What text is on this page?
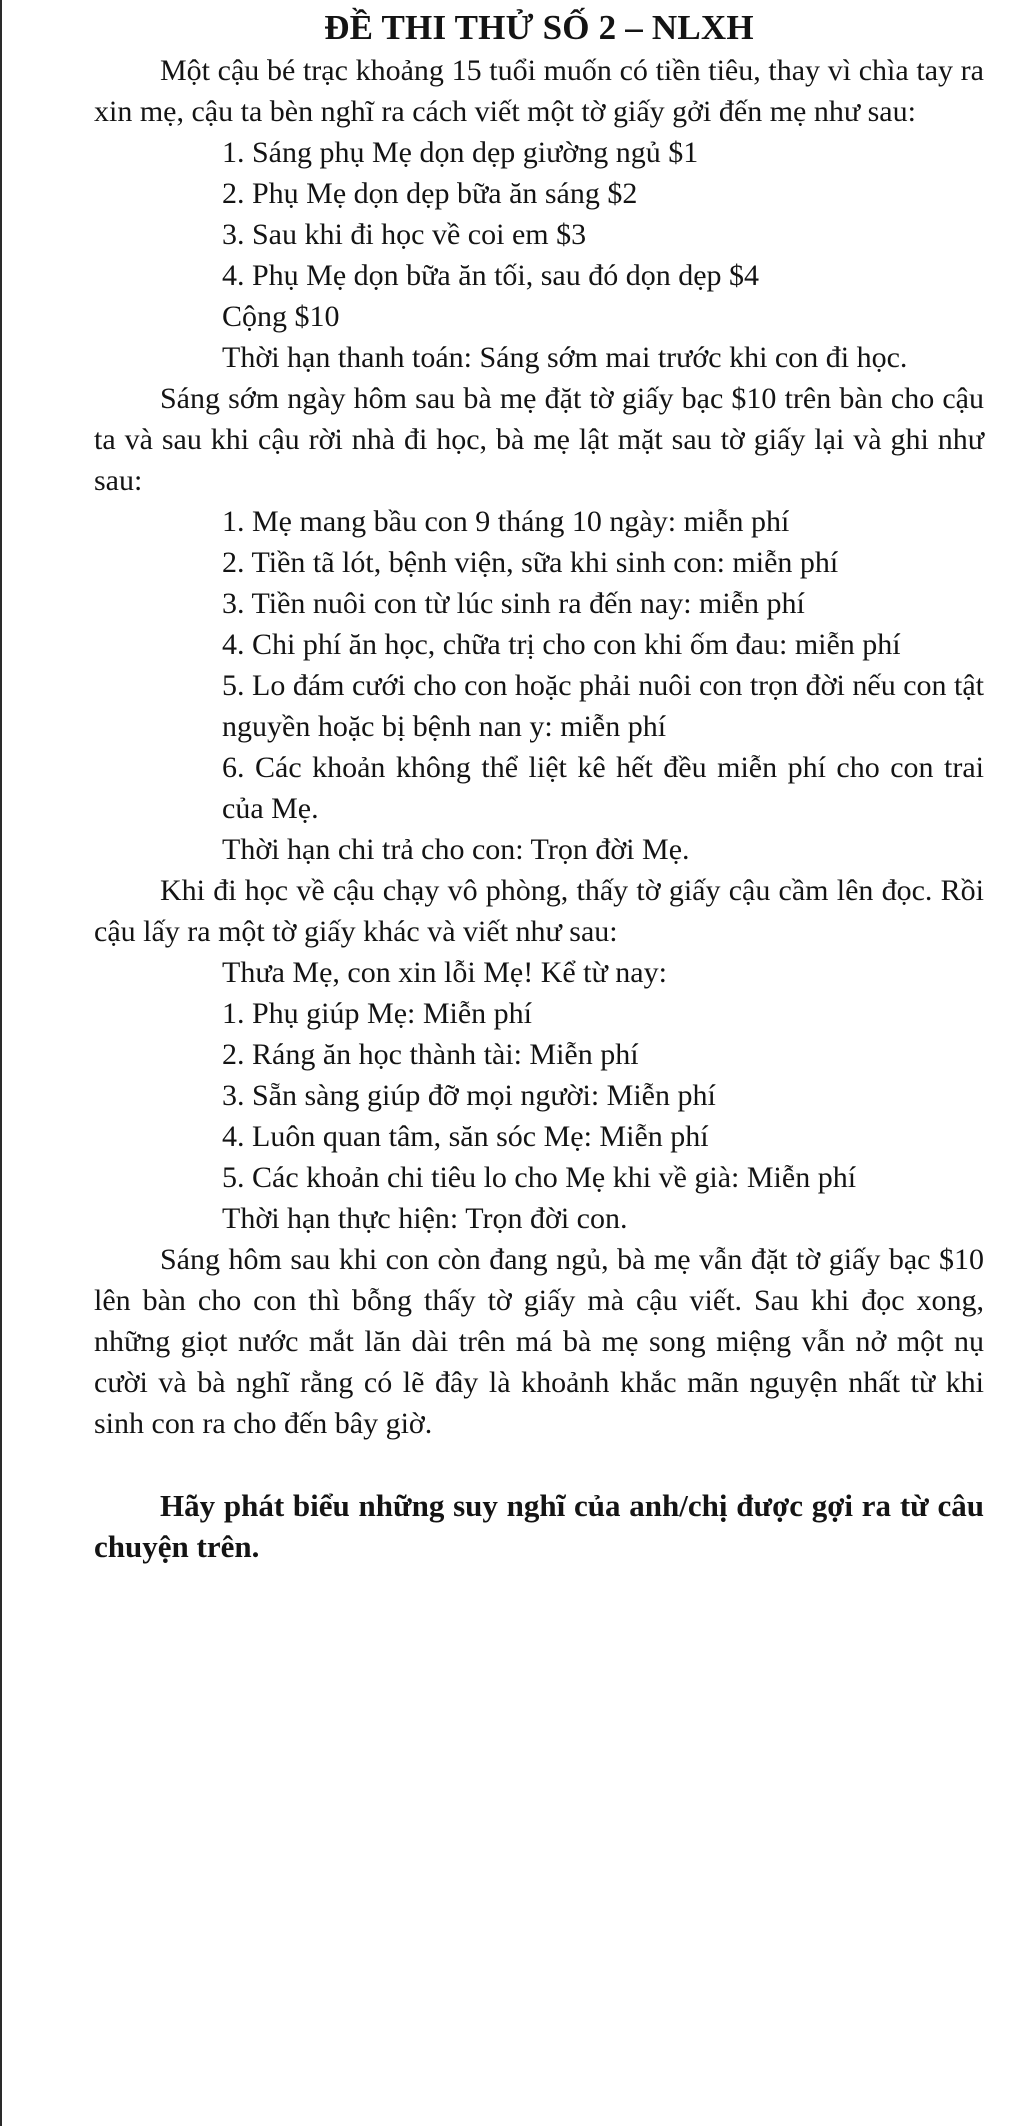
ĐỀ THI THỬ SỐ 2 – NLXH

Một cậu bé trạc khoảng 15 tuổi muốn có tiền tiêu, thay vì chìa tay ra xin mẹ, cậu ta bèn nghĩ ra cách viết một tờ giấy gởi đến mẹ như sau:

1. Sáng phụ Mẹ dọn dẹp giường ngủ $1
2. Phụ Mẹ dọn dẹp bữa ăn sáng $2
3. Sau khi đi học về coi em $3
4. Phụ Mẹ dọn bữa ăn tối, sau đó dọn dẹp $4
Cộng $10
Thời hạn thanh toán: Sáng sớm mai trước khi con đi học.

Sáng sớm ngày hôm sau bà mẹ đặt tờ giấy bạc $10 trên bàn cho cậu ta và sau khi cậu rời nhà đi học, bà mẹ lật mặt sau tờ giấy lại và ghi như sau:

1. Mẹ mang bầu con 9 tháng 10 ngày: miễn phí
2. Tiền tã lót, bệnh viện, sữa khi sinh con: miễn phí
3. Tiền nuôi con từ lúc sinh ra đến nay: miễn phí
4. Chi phí ăn học, chữa trị cho con khi ốm đau: miễn phí
5. Lo đám cưới cho con hoặc phải nuôi con trọn đời nếu con tật nguyền hoặc bị bệnh nan y: miễn phí
6. Các khoản không thể liệt kê hết đều miễn phí cho con trai của Mẹ.
Thời hạn chi trả cho con: Trọn đời Mẹ.

Khi đi học về cậu chạy vô phòng, thấy tờ giấy cậu cầm lên đọc. Rồi cậu lấy ra một tờ giấy khác và viết như sau:

Thưa Mẹ, con xin lỗi Mẹ! Kể từ nay:
1. Phụ giúp Mẹ: Miễn phí
2. Ráng ăn học thành tài: Miễn phí
3. Sẵn sàng giúp đỡ mọi người: Miễn phí
4. Luôn quan tâm, săn sóc Mẹ: Miễn phí
5. Các khoản chi tiêu lo cho Mẹ khi về già: Miễn phí
Thời hạn thực hiện: Trọn đời con.

Sáng hôm sau khi con còn đang ngủ, bà mẹ vẫn đặt tờ giấy bạc $10 lên bàn cho con thì bỗng thấy tờ giấy mà cậu viết. Sau khi đọc xong, những giọt nước mắt lăn dài trên má bà mẹ song miệng vẫn nở một nụ cười và bà nghĩ rằng có lẽ đây là khoảnh khắc mãn nguyện nhất từ khi sinh con ra cho đến bây giờ.

Hãy phát biểu những suy nghĩ của anh/chị được gợi ra từ câu chuyện trên.
